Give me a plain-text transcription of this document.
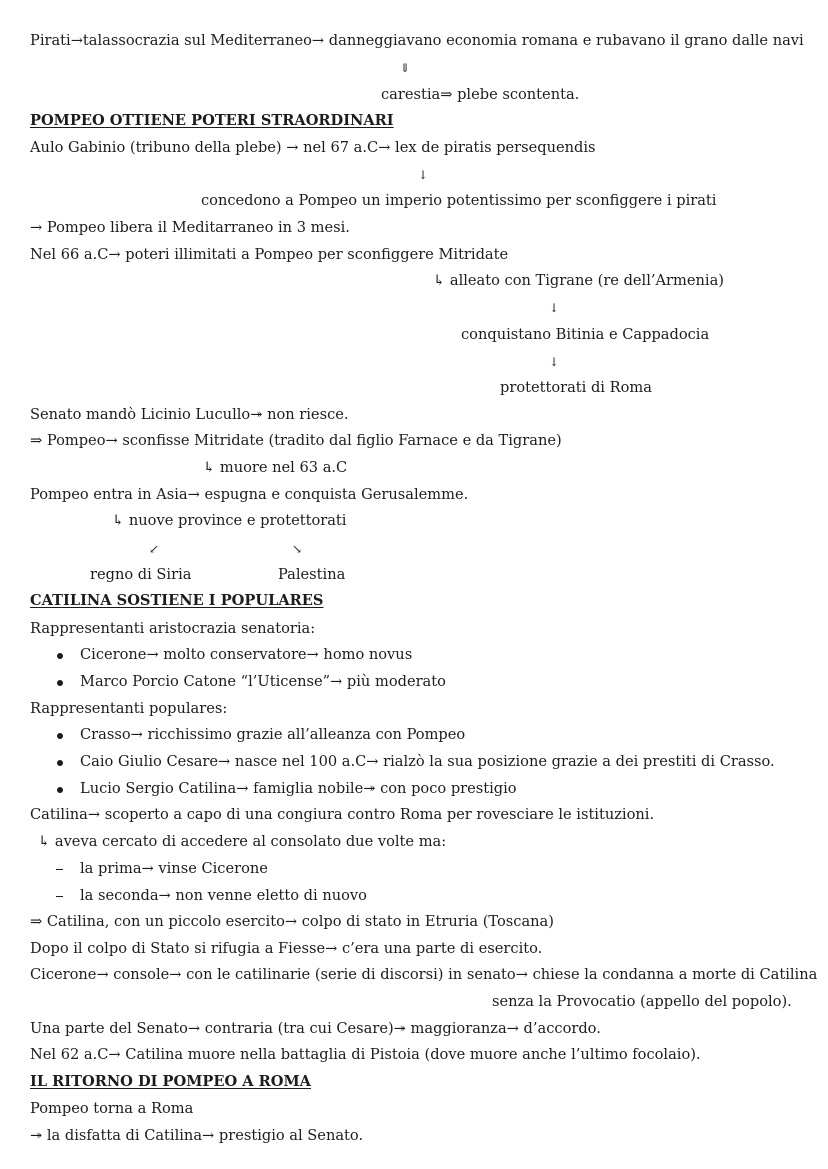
Pirati→talassocrazia sul Mediterraneo→ danneggiavano economia romana e rubavano il grano dalle navi
⇓
carestia⇒ plebe scontenta.
POMPEO OTTIENE POTERI STRAORDINARI
Aulo Gabinio (tribuno della plebe) → nel 67 a.C→ lex de piratis persequendis
↓
concedono a Pompeo un imperio potentissimo per sconfiggere i pirati
→ Pompeo libera il Meditarraneo in 3 mesi.
Nel 66 a.C→ poteri illimitati a Pompeo per sconfiggere Mitridate
↳ alleato con Tigrane (re dell’Armenia)
↓
conquistano Bitinia e Cappadocia
↓
protettorati di Roma
Senato mandò Licinio Lucullo↠ non riesce.
⇒ Pompeo→ sconfisse Mitridate (tradito dal figlio Farnace e da Tigrane)
↳ muore nel 63 a.C
Pompeo entra in Asia→ espugna e conquista Gerusalemme.
↳ nuove province e protettorati
↙	↘
regno di Siria	Palestina
CATILINA SOSTIENE I POPULARES
Rappresentanti aristocrazia senatoria:
Cicerone→ molto conservatore→ homo novus
Marco Porcio Catone “l’Uticense”→ più moderato
Rappresentanti populares:
Crasso→ ricchissimo grazie all’alleanza con Pompeo
Caio Giulio Cesare→ nasce nel 100 a.C→ rialzò la sua posizione grazie a dei prestiti di Crasso.
Lucio Sergio Catilina→ famiglia nobile↠ con poco prestigio
Catilina→ scoperto a capo di una congiura contro Roma per rovesciare le istituzioni.
↳ aveva cercato di accedere al consolato due volte ma:
la prima→ vinse Cicerone
la seconda→ non venne eletto di nuovo
⇒ Catilina, con un piccolo esercito→ colpo di stato in Etruria (Toscana)
Dopo il colpo di Stato si rifugia a Fiesse→ c’era una parte di esercito.
Cicerone→ console→ con le catilinarie (serie di discorsi) in senato→ chiese la condanna a morte di Catilina
senza la Provocatio (appello del popolo).
Una parte del Senato→ contraria (tra cui Cesare)↠ maggioranza→ d’accordo.
Nel 62 a.C→ Catilina muore nella battaglia di Pistoia (dove muore anche l’ultimo focolaio).
IL RITORNO DI POMPEO A ROMA
Pompeo torna a Roma
↠ la disfatta di Catilina→ prestigio al Senato.
